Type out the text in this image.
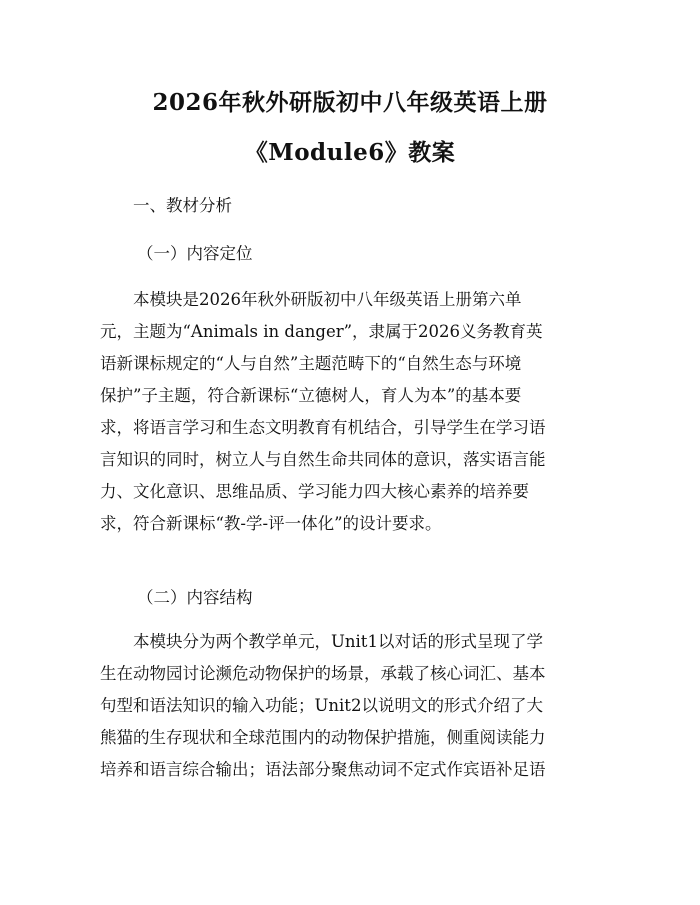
2026年秋外研版初中八年级英语上册
《Module6》教案
一、教材分析
（一）内容定位
　　本模块是2026年秋外研版初中八年级英语上册第六单
元，主题为“Animals in danger”，隶属于2026义务教育英
语新课标规定的“人与自然”主题范畴下的“自然生态与环境
保护”子主题，符合新课标“立德树人，育人为本”的基本要
求，将语言学习和生态文明教育有机结合，引导学生在学习语
言知识的同时，树立人与自然生命共同体的意识，落实语言能
力、文化意识、思维品质、学习能力四大核心素养的培养要
求，符合新课标“教-学-评一体化”的设计要求。
（二）内容结构
　　本模块分为两个教学单元，Unit1以对话的形式呈现了学
生在动物园讨论濒危动物保护的场景，承载了核心词汇、基本
句型和语法知识的输入功能；Unit2以说明文的形式介绍了大
熊猫的生存现状和全球范围内的动物保护措施，侧重阅读能力
培养和语言综合输出；语法部分聚焦动词不定式作宾语补足语
